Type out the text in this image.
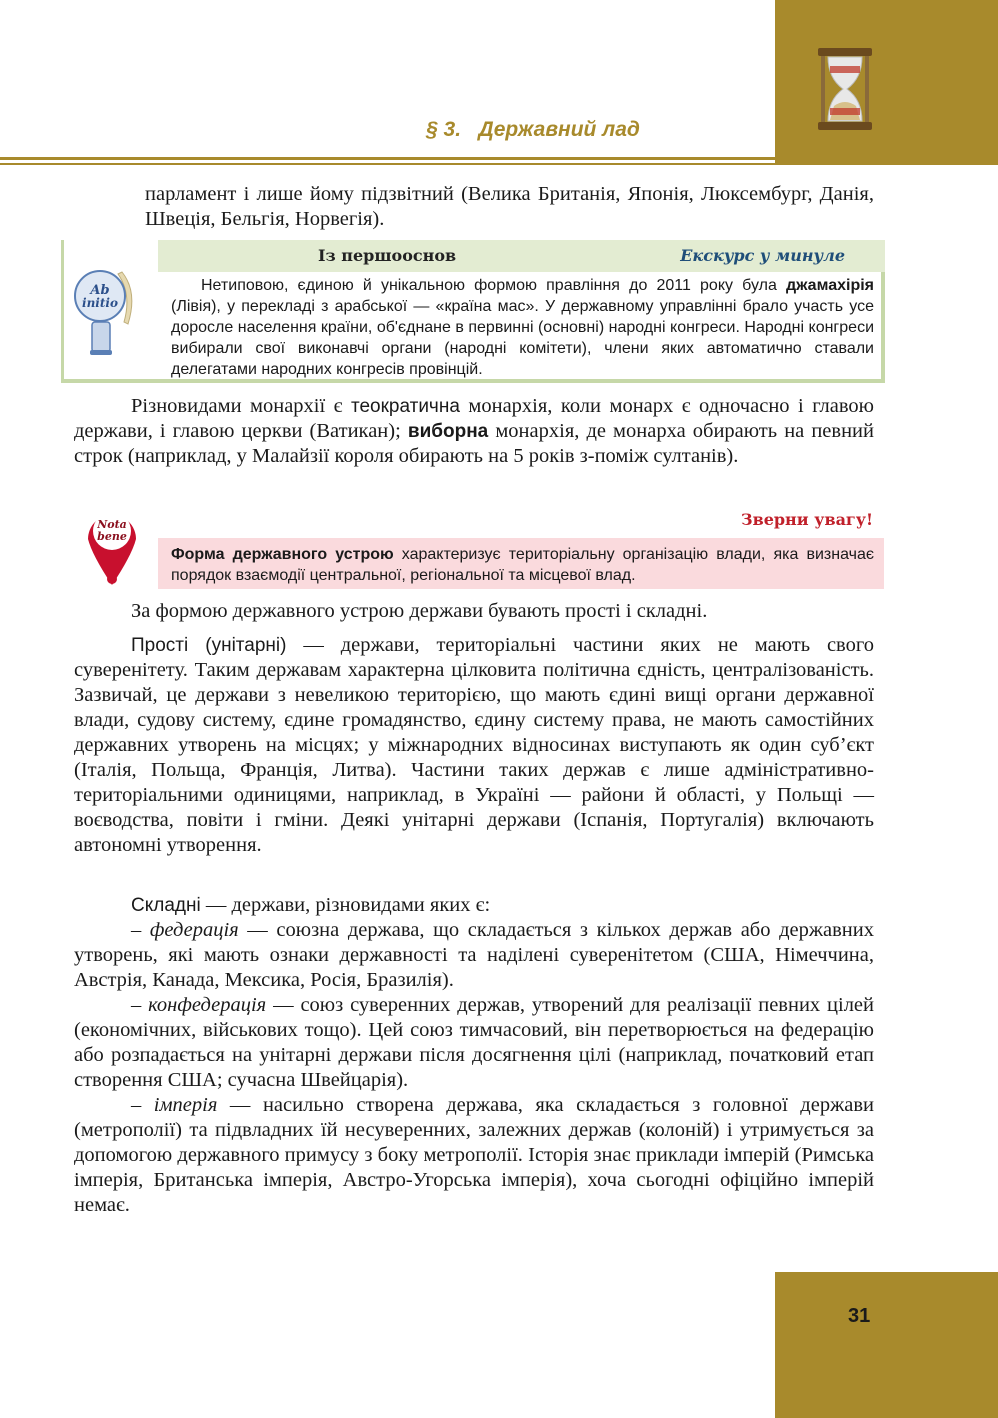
§ 3.   Державний лад
парламент і лише йому підзвітний (Велика Британія, Японія, Люксембург, Данія, Швеція, Бельгія, Норвегія).
Із першооснов	Екскурс у минуле
Ab
initio
Нетиповою, єдиною й унікальною формою правління до 2011 року була джамахірія (Лівія), у перекладі з арабської — «країна мас». У державному управлінні брало участь усе доросле населення країни, об'єднане в первинні (основні) народні конгреси. Народні конгреси вибирали свої виконавчі органи (народні комітети), члени яких автоматично ставали делегатами народних конгресів провінцій.
Різновидами монархії є теократична монархія, коли монарх є одночасно і главою держави, і главою церкви (Ватикан); виборна монархія, де монарха обирають на певний строк (наприклад, у Малайзії короля обирають на 5 років з-поміж султанів).
Nota
bene
Зверни увагу!
Форма державного устрою характеризує територіальну організацію влади, яка визначає порядок взаємодії центральної, регіональної та місцевої влад.
За формою державного устрою держави бувають прості і складні.
Прості (унітарні) — держави, територіальні частини яких не мають свого суверенітету. Таким державам характерна цілковита політична єдність, централізованість. Зазвичай, це держави з невеликою територією, що мають єдині вищі органи державної влади, судову систему, єдине громадянство, єдину систему права, не мають самостійних державних утворень на місцях; у міжнародних відносинах виступають як один суб’єкт (Італія, Польща, Франція, Литва). Частини таких держав є лише адміністративно-територіальними одиницями, наприклад, в Україні — райони й області, у Польщі — воєводства, повіти і гміни. Деякі унітарні держави (Іспанія, Португалія) включають автономні утворення.
Складні — держави, різновидами яких є:
– федерація — союзна держава, що складається з кількох держав або державних утворень, які мають ознаки державності та наділені суверенітетом (США, Німеччина, Австрія, Канада, Мексика, Росія, Бразилія).
– конфедерація — союз суверенних держав, утворений для реалізації певних цілей (економічних, військових тощо). Цей союз тимчасовий, він перетворюється на федерацію або розпадається на унітарні держави після досягнення цілі (наприклад, початковий етап створення США; сучасна Швейцарія).
– імперія — насильно створена держава, яка складається з головної держави (метрополії) та підвладних їй несуверенних, залежних держав (колоній) і утримується за допомогою державного примусу з боку метрополії. Історія знає приклади імперій (Римська імперія, Британська імперія, Австро-Угорська імперія), хоча сьогодні офіційно імперій немає.
31
